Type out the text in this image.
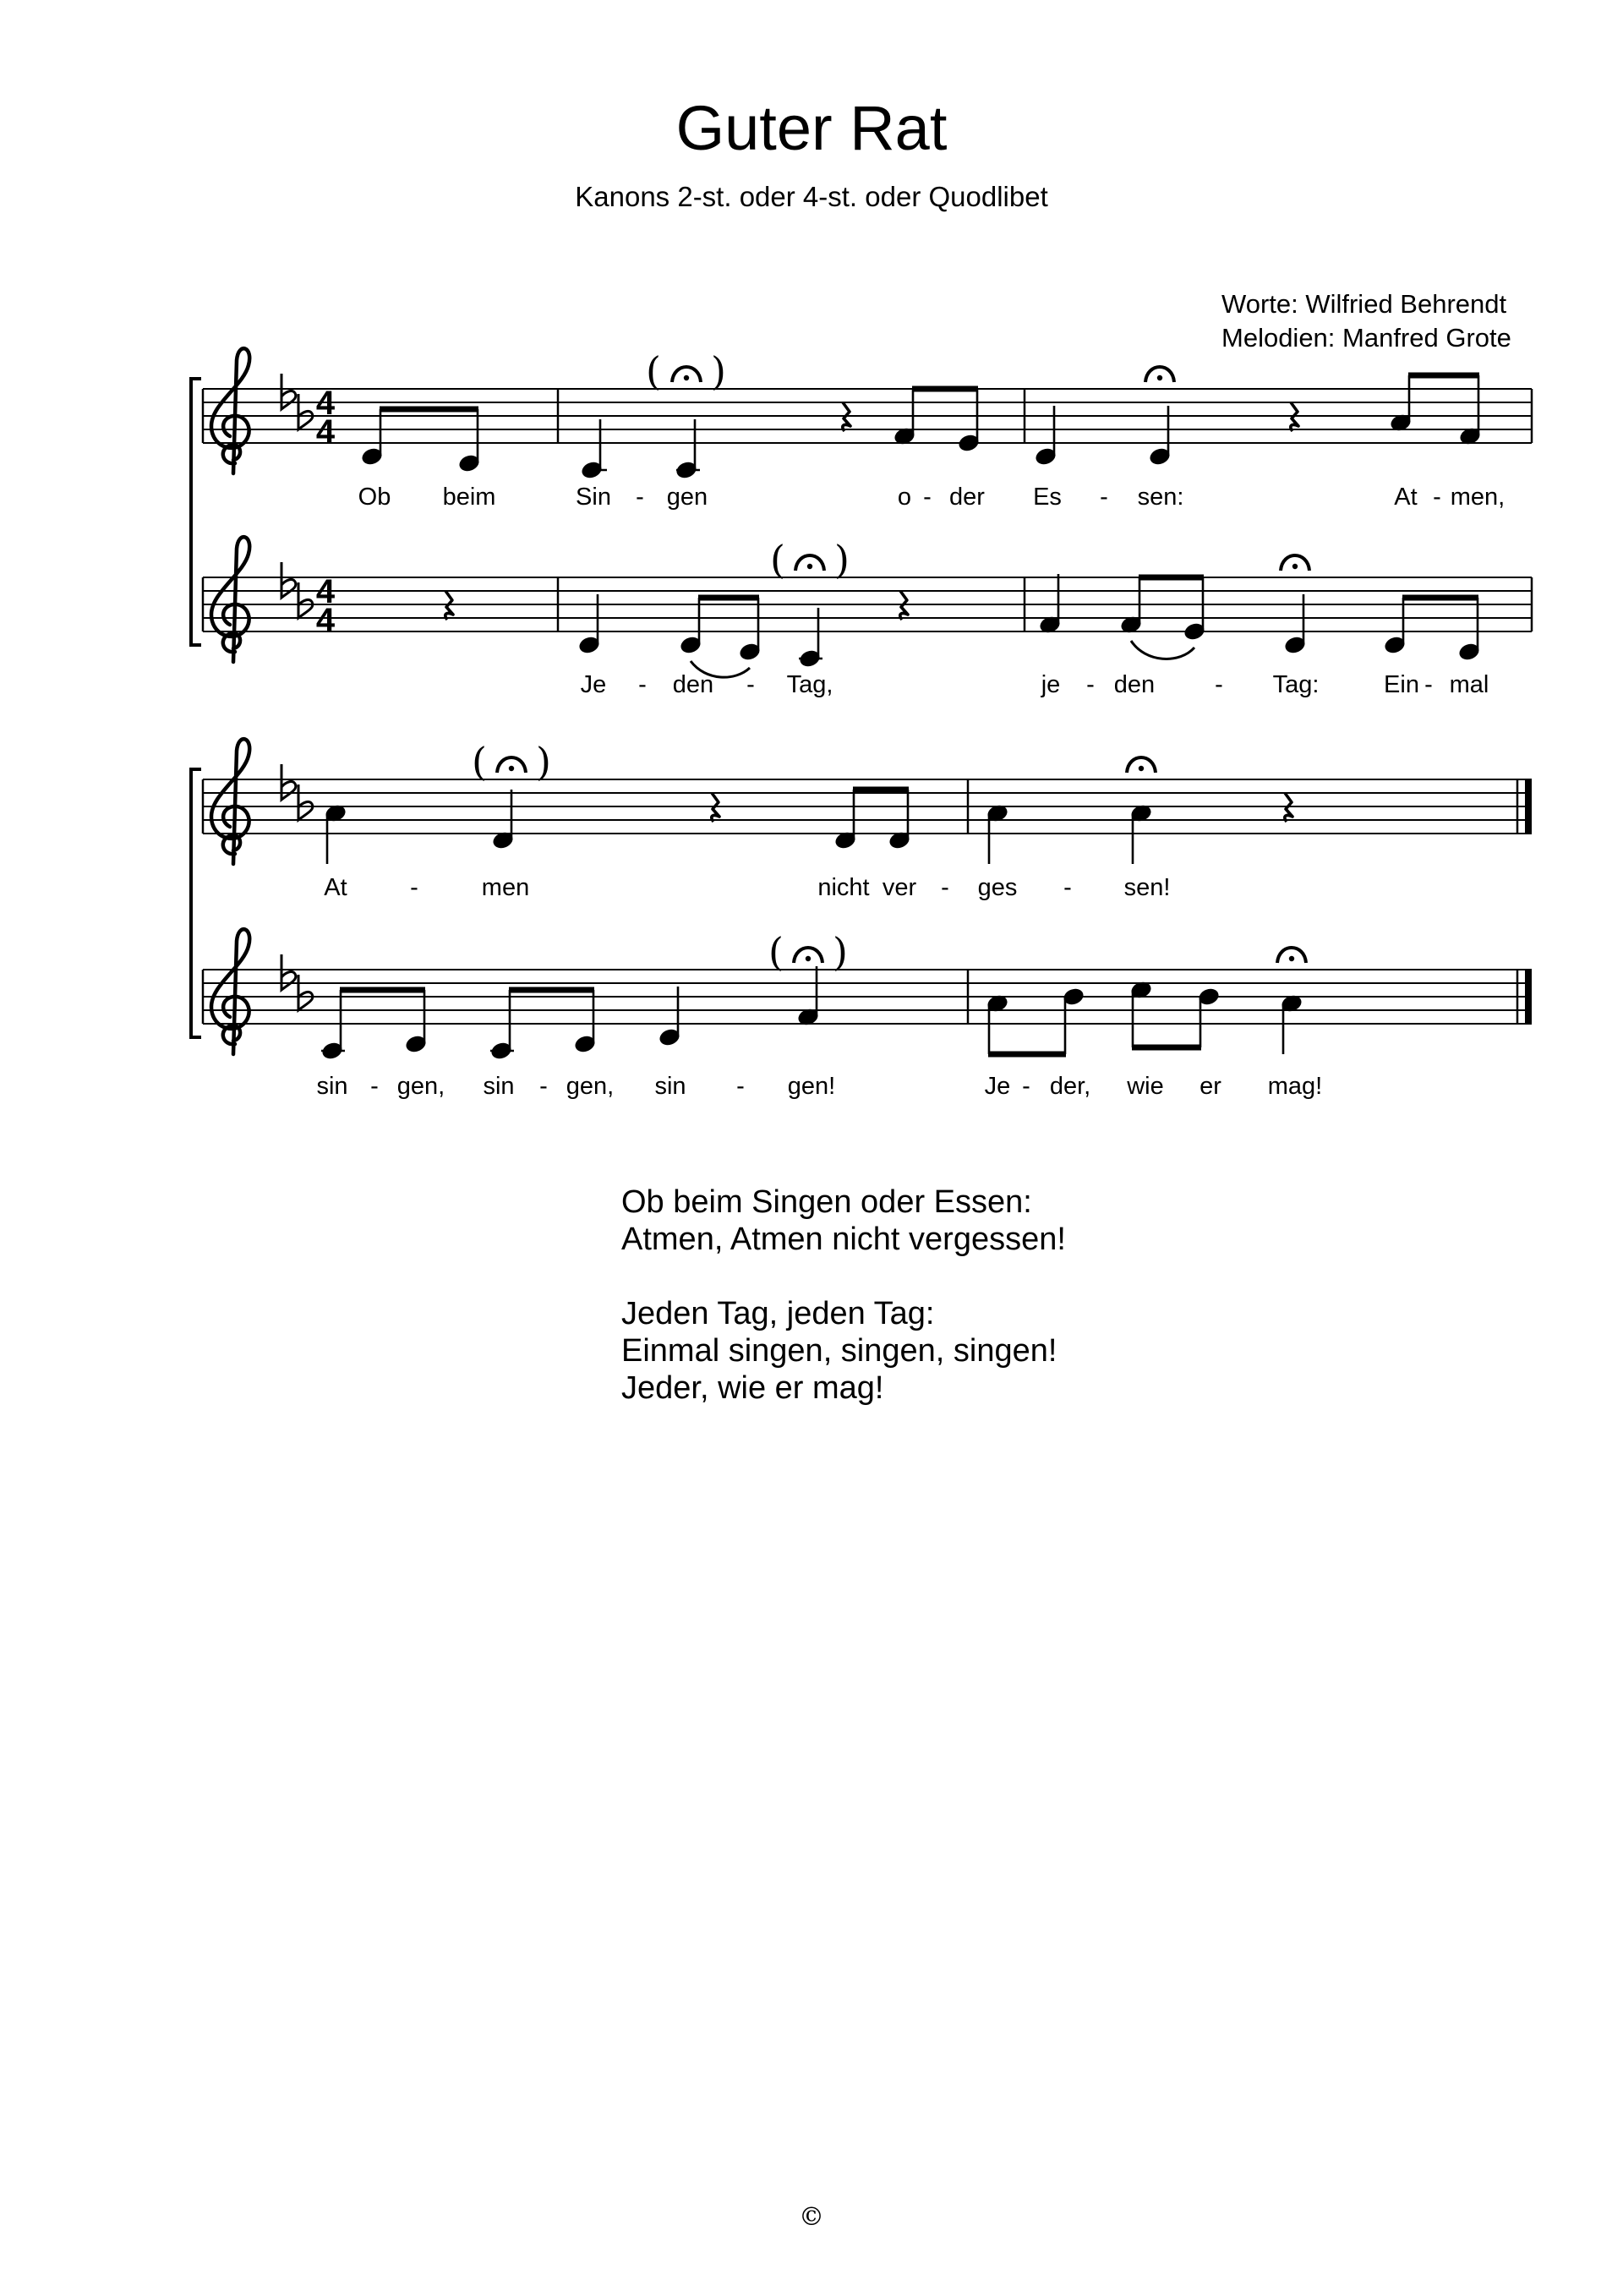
Guter Rat
Kanons 2-st. oder 4-st. oder Quodlibet
Worte: Wilfried Behrendt
Melodien: Manfred Grote
4
4
( )
Ob beim	Sin - gen	o - der Es - sen:	At - men,
4
4
( )
Je - den - Tag,	je - den - Tag:	Ein - mal
( )
At	-	men	nicht ver - ges - sen!
( )
sin - gen, sin - gen, sin - gen!	Je - der, wie er mag!
Ob beim Singen oder Essen:
Atmen, Atmen nicht vergessen!
Jeden Tag, jeden Tag:
Einmal singen, singen, singen!
Jeder, wie er mag!
©
